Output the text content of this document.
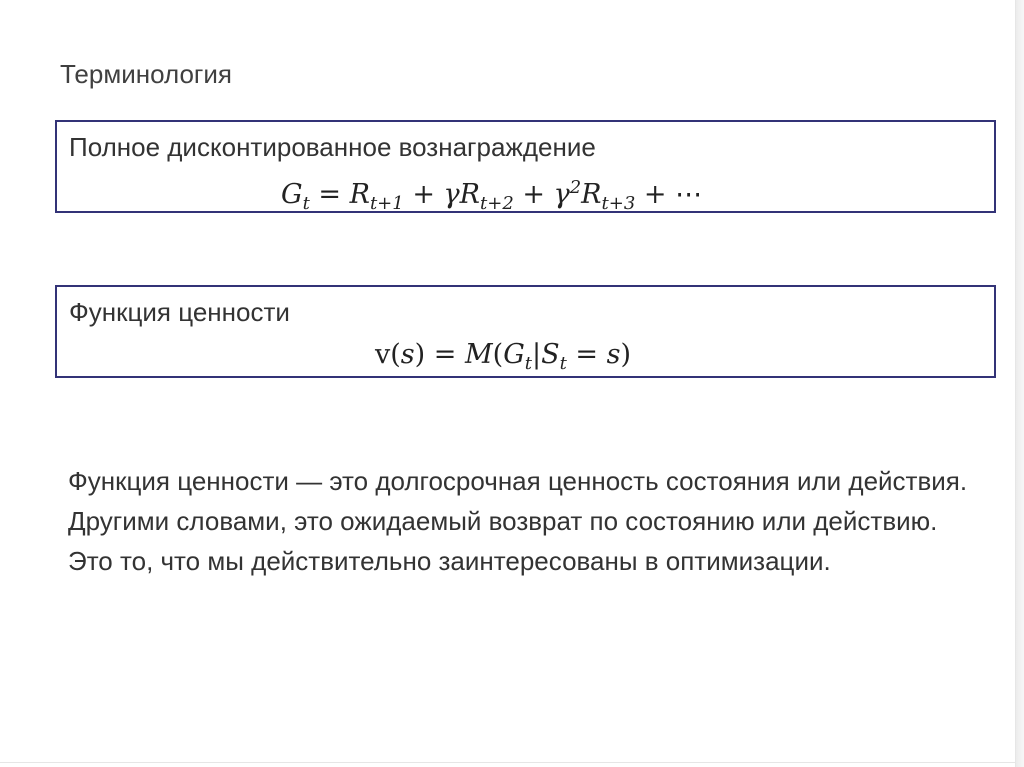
Терминология
Полное дисконтированное вознаграждение
$G_t = R_{t+1} + \gamma R_{t+2} + \gamma^2R_{t+3}$ + ⋯
Функция ценности
$v(s) = M(G_t|S_t = s)$
Функция ценности — это долгосрочная ценность состояния или действия. Другими словами, это ожидаемый возврат по состоянию или действию. Это то, что мы действительно заинтересованы в оптимизации.
